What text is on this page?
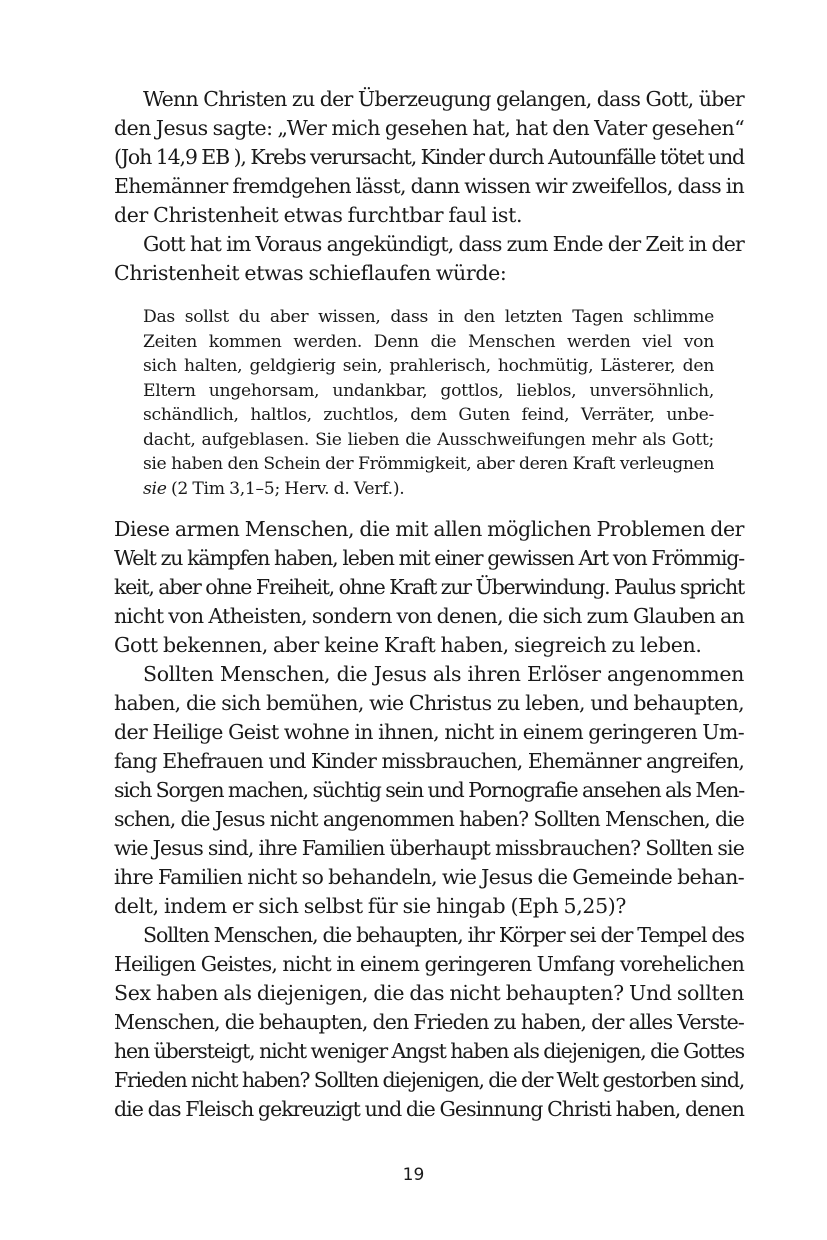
Wenn Christen zu der Überzeugung gelangen, dass Gott, über
den Jesus sagte: „Wer mich gesehen hat, hat den Vater gesehen“
(Joh 14,9 EB ), Krebs verursacht, Kinder durch Autounfälle tötet und
Ehemänner fremdgehen lässt, dann wissen wir zweifellos, dass in
der Christenheit etwas furchtbar faul ist.
Gott hat im Voraus angekündigt, dass zum Ende der Zeit in der
Christenheit etwas schieflaufen würde:
Das sollst du aber wissen, dass in den letzten Tagen schlimme
Zeiten kommen werden. Denn die Menschen werden viel von
sich halten, geldgierig sein, prahlerisch, hochmütig, Lästerer, den
Eltern ungehorsam, undankbar, gottlos, lieblos, unversöhnlich,
schändlich, haltlos, zuchtlos, dem Guten feind, Verräter, unbe-
dacht, aufgeblasen. Sie lieben die Ausschweifungen mehr als Gott;
sie haben den Schein der Frömmigkeit, aber deren Kraft verleugnen
sie (2 Tim 3,1–5; Herv. d. Verf.).
Diese armen Menschen, die mit allen möglichen Problemen der
Welt zu kämpfen haben, leben mit einer gewissen Art von Frömmig-
keit, aber ohne Freiheit, ohne Kraft zur Überwindung. Paulus spricht
nicht von Atheisten, sondern von denen, die sich zum Glauben an
Gott bekennen, aber keine Kraft haben, siegreich zu leben.
Sollten Menschen, die Jesus als ihren Erlöser angenommen
haben, die sich bemühen, wie Christus zu leben, und behaupten,
der Heilige Geist wohne in ihnen, nicht in einem geringeren Um-
fang Ehefrauen und Kinder missbrauchen, Ehemänner angreifen,
sich Sorgen machen, süchtig sein und Pornografie ansehen als Men-
schen, die Jesus nicht angenommen haben? Sollten Menschen, die
wie Jesus sind, ihre Familien überhaupt missbrauchen? Sollten sie
ihre Familien nicht so behandeln, wie Jesus die Gemeinde behan-
delt, indem er sich selbst für sie hingab (Eph 5,25)?
Sollten Menschen, die behaupten, ihr Körper sei der Tempel des
Heiligen Geistes, nicht in einem geringeren Umfang vorehelichen
Sex haben als diejenigen, die das nicht behaupten? Und sollten
Menschen, die behaupten, den Frieden zu haben, der alles Verste-
hen übersteigt, nicht weniger Angst haben als diejenigen, die Gottes
Frieden nicht haben? Sollten diejenigen, die der Welt gestorben sind,
die das Fleisch gekreuzigt und die Gesinnung Christi haben, denen
19
